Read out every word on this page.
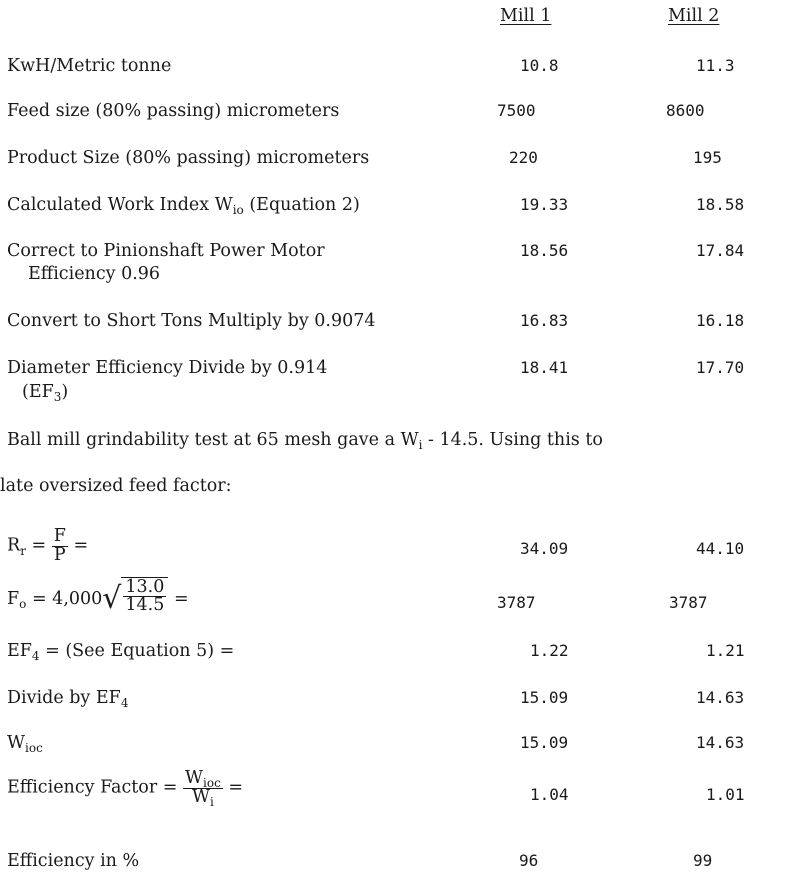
Mill 1	Mill 2
KwH/Metric tonne	10.8	11.3
Feed size (80% passing) micrometers	7500	8600
Product Size (80% passing) micrometers	220	195
Calculated Work Index $W_{io}$ (Equation 2)	19.33	18.58
Correct to Pinionshaft Power Motor
Efficiency 0.96
18.56	17.84
Convert to Short Tons Multiply by 0.9074	16.83	16.18
Diameter Efficiency Divide by 0.914
$(EF_3)$
18.41	17.70
Ball mill grindability test at 65 mesh gave a $W_i - 14.5$. Using this to
late oversized feed factor:
$R_r = \frac{F}{P}$ =	34.09	44.10
$F_o = 4,000√ \frac{13.0}{14.5}$ =	3787	3787
$EF_4 = (See$ Equation 5) =	1.22	1.21
Divide by $EF_4$	15.09	14.63
$W_{ioc}$	15.09	14.63
Efficiency Factor = $\frac{W_{ioc}}{W_i}$ =	1.04	1.01
Efficiency in %	96	99
